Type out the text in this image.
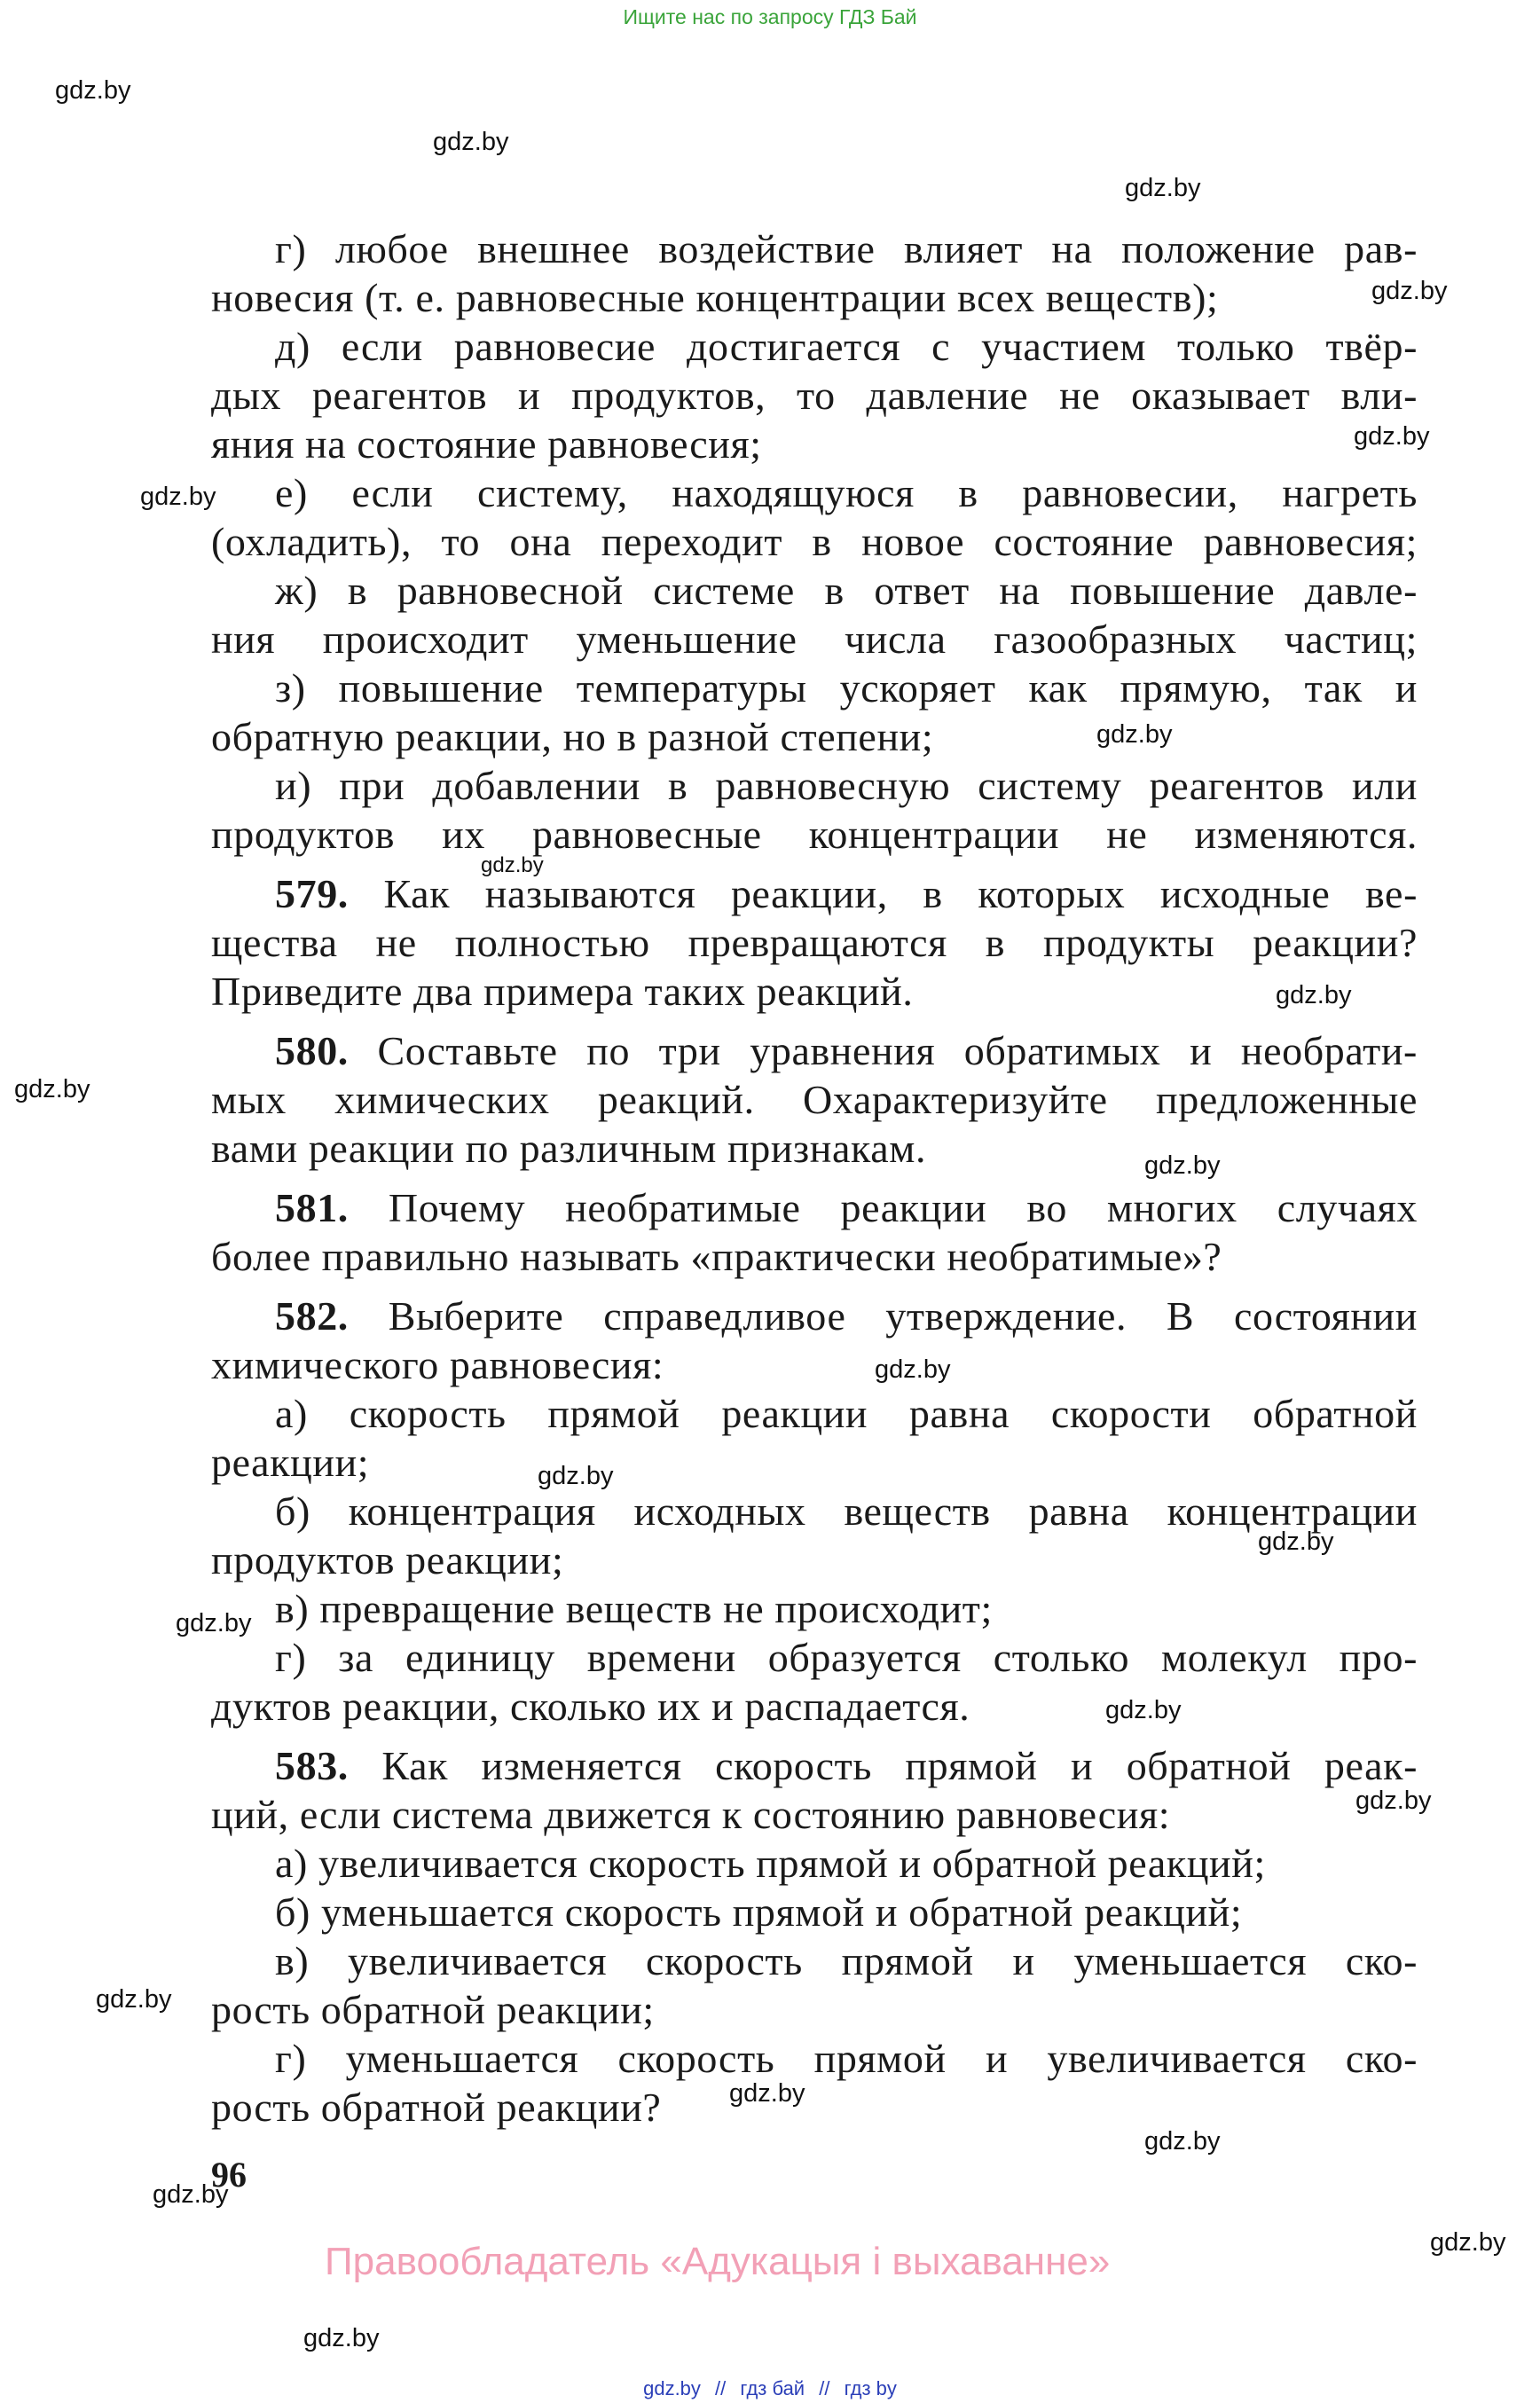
Ищите нас по запросу ГДЗ Бай
gdz.by
gdz.by
gdz.by
gdz.by
gdz.by
gdz.by
gdz.by
gdz.by
gdz.by
gdz.by
gdz.by
gdz.by
gdz.by
gdz.by
gdz.by
gdz.by
gdz.by
gdz.by
gdz.by
gdz.by
gdz.by
gdz.by
gdz.by
г) любое внешнее воздействие влияет на положение рав-
новесия (т. е. равновесные концентрации всех веществ);
д) если равновесие достигается с участием только твёр-
дых реагентов и продуктов, то давление не оказывает вли-
яния на состояние равновесия;
е) если систему, находящуюся в равновесии, нагреть
(охладить), то она переходит в новое состояние равновесия;
ж) в равновесной системе в ответ на повышение давле-
ния происходит уменьшение числа газообразных частиц;
з) повышение температуры ускоряет как прямую, так и
обратную реакции, но в разной степени;
и) при добавлении в равновесную систему реагентов или
продуктов их равновесные концентрации не изменяются.
579. Как называются реакции, в которых исходные ве-
щества не полностью превращаются в продукты реакции?
Приведите два примера таких реакций.
580. Составьте по три уравнения обратимых и необрати-
мых химических реакций. Охарактеризуйте предложенные
вами реакции по различным признакам.
581. Почему необратимые реакции во многих случаях
более правильно называть «практически необратимые»?
582. Выберите справедливое утверждение. В состоянии
химического равновесия:
а) скорость прямой реакции равна скорости обратной
реакции;
б) концентрация исходных веществ равна концентрации
продуктов реакции;
в) превращение веществ не происходит;
г) за единицу времени образуется столько молекул про-
дуктов реакции, сколько их и распадается.
583. Как изменяется скорость прямой и обратной реак-
ций, если система движется к состоянию равновесия:
а) увеличивается скорость прямой и обратной реакций;
б) уменьшается скорость прямой и обратной реакций;
в) увеличивается скорость прямой и уменьшается ско-
рость обратной реакции;
г) уменьшается скорость прямой и увеличивается ско-
рость обратной реакции?
96
Правообладатель «Адукацыя і выхаванне»
gdz.by // гдз бай // гдз by
